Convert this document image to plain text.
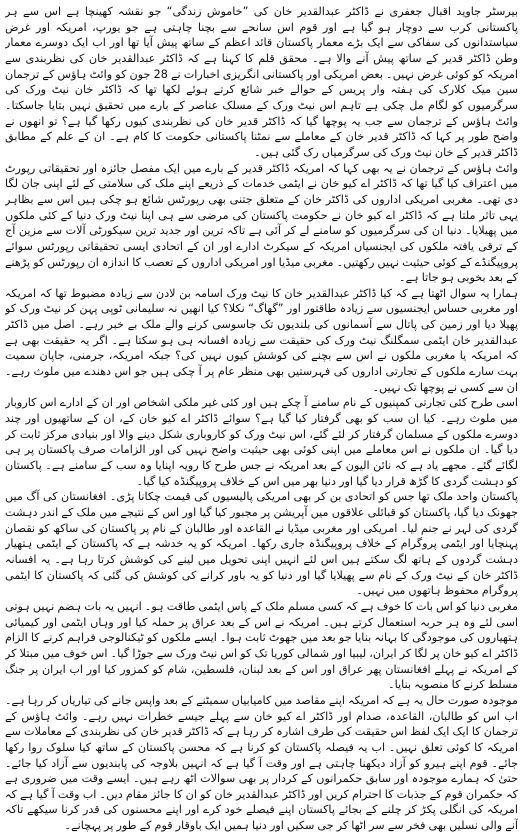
بیرسٹر جاوید اقبال جعفری نے ڈاکٹر عبدالقدیر خان کی ”خاموش زندگی“ جو نقشہ کھینچا ہے اس سے ہر پاکستانی کرب سے دوچار ہو گیا ہے اور قوم اس سانحے سے بچنا چاہتی ہے جو یورپ، امریکہ اور غرض سیاستدانوں کی سفاکی سے ایک بڑے معمار پاکستان قائد اعظم کے ساتھ پیش آیا تھا اور اب ایک دوسرے معمار وطن ڈاکٹر قدیر کے ساتھ پیش آنے والا ہے۔ محقق قلم کا کہنا ہے کہ ڈاکٹر عبدالقدیر خان کی نظربندی سے امریکہ کو کوئی غرض نہیں۔ بعض امریکی اور پاکستانی انگریزی اخبارات نے 28 جون کو وائٹ ہاؤس کے ترجمان سین میک کلارک کی ہفتہ وار پریس کے حوالے خبر شائع کرتے ہوئے لکھا تھا کہ ڈاکٹر خان نیٹ ورک کی سرگرمیوں کو لگام مل چکی ہے تاہم اس نیٹ ورک کے مسلک عناصر کے بارے میں تحقیق نہیں بتایا جاسکتا۔ وائٹ ہاؤس کے ترجمان سے جب یہ پوچھا گیا کہ ڈاکٹر قدیر خان کی نظربندی کیوں رکھا گیا ہے؟ تو انھوں نے واضح طور پر کہا کہ ڈاکٹر قدیر خان کے معاملے سے نمٹنا پاکستانی حکومت کا کام ہے۔ ان کے علم کے مطابق ڈاکٹر قدیر کے خان نیٹ ورک کی سرگرمیاں رک گئی ہیں۔

وائٹ ہاؤس کے ترجمان نے یہ بھی کہا کہ امریکہ ڈاکٹر قدیر کے بارے میں ایک مفصل جائزہ اور تحقیقاتی رپورٹ میں اعتراف کیا گیا تھا کہ ڈاکٹر اے کیو خان نے ایٹمی خدمات کے ذریعے اپنے ملک کی سلامتی کے لئے اپنی جان لگا دی تھی۔ مغربی امریکی اداروں کی ڈاکٹر خان کے متعلق جتنی بھی رپورٹس شائع ہو چکی ہیں اس سے بظاہر یہی تاثر ملتا ہے کہ ڈاکٹر اے کیو خان نے حکومت پاکستان کی مرضی سے ہی اپنا نیٹ ورک دنیا کے کئی ملکوں میں پھیلایا۔ دنیا ان کی سرگرمیوں کو سامنے لے کر آئی ہے تاکہ ترین اور جدید ترین سیکورٹی آلات سے مزین آج کے ترقی یافتہ ملکوں کی ایجنسیاں امریکہ کے سیکرٹ ادارے اور ان کے اتحادی ایسی تحقیقاتی رپورٹس سوائے پروپیگنڈے کے کوئی حیثیت نہیں رکھتیں۔ مغربی میڈیا اور امریکی اداروں کے تعصب کا اندازہ ان رپورٹس کو پڑھنے کے بعد بخوبی ہو جاتا ہے۔

ہمارا یہ سوال اٹھتا ہے کہ کیا ڈاکٹر عبدالقدیر خان کا نیٹ ورک اسامہ بن لادن سے زیادہ مضبوط تھا کہ امریکہ اور مغربی حساس ایجنسیوں سے زیادہ طاقتور اور ”گھاگ“ نکلا؟ کیا انھیں نہ سلیمانی ٹوپی پہن کر نیٹ ورک کو پھیلا دیا اور زمین کی پاتال سے آسمانوں کی بلندیوں تک جاسوسی کرنے والے ملک بے خبر رہے۔ اصل میں ڈاکٹر عبدالقدیر خان ایٹمی سمگلنگ نیٹ ورک کی حقیقت سے زیادہ افسانہ ہی ہو سکتا ہے۔ اگر یہ حقیقت بھی ہے کہ امریکہ یا مغربی ملکوں نے اس سے بچنے کی کوشش کیوں نہیں کی؟ جبکہ امریکہ، جرمنی، جاپان سمیت بہت سارے ملکوں کے تجارتی اداروں کی فہرستیں بھی منظر عام پر آ چکی ہیں جو اس دھندے میں ملوث رہے۔ ان سے کسی نے پوچھا تک نہیں۔

اسی طرح کئی تجارتی کمپنیوں کے نام سامنے آ چکے ہیں اور کئی غیر ملکی اشخاص اور ان کے ادارے اس کاروبار میں ملوث رہے۔ کیا ان سب کو بھی گرفتار کیا گیا ہے؟ سوائے ڈاکٹر اے کیو خان کے، ان کے ساتھیوں اور چند دوسرے ملکوں کے مسلمان گرفتار کر لئے گئے، اس نیٹ ورک کو کاروباری شکل دینے والا اور بنیادی مرکز ثابت کر دیا گیا۔ ان ملکوں نے اس معاملے میں اپنی کوئی بھی حیثیت واضح نہیں کی اور الزامات صرف پاکستان پر ہی لگائے گئے۔ مجھے یاد ہے کہ نائن الیون کے بعد امریکہ نے جس طرح کا رویہ اپنایا وہ سب کے سامنے ہے۔ پاکستان کو دہشت گردی کا گڑھ قرار دیا گیا اور دنیا بھر میں اس کے خلاف پروپیگنڈہ کیا گیا۔

پاکستان واحد ملک تھا جس کو اتحادی بن کر بھی امریکی پالیسیوں کی قیمت چکانا پڑی۔ افغانستان کی آگ میں جھونک دیا گیا، پاکستان کو قبائلی علاقوں میں آپریشن پر مجبور کیا گیا اور اس کے نتیجے میں ملک کے اندر دہشت گردی کی لہر نے جنم لیا۔ امریکی اور مغربی میڈیا نے القاعدہ اور طالبان کے نام پر پاکستان کی ساکھ کو نقصان پہنچایا اور ایٹمی پروگرام کے خلاف پروپیگنڈہ جاری رکھا۔ امریکہ کو یہ خدشہ ہے کہ پاکستان کے ایٹمی ہتھیار دہشت گردوں کے ہاتھ لگ سکتے ہیں اس لئے انہیں اپنی تحویل میں لینے کی کوشش کرتا رہا ہے۔ یہ افسانہ ڈاکٹر خان کے نیٹ ورک کے نام سے پھیلایا گیا اور دنیا کو یہ باور کرانے کی کوشش کی گئی کہ پاکستان کا ایٹمی پروگرام محفوظ ہاتھوں میں نہیں۔

مغربی دنیا کو اس بات کا خوف ہے کہ کسی مسلم ملک کے پاس ایٹمی طاقت ہو۔ انہیں یہ بات ہضم نہیں ہوتی اسی لئے وہ ہر حربہ استعمال کرتے ہیں۔ امریکہ نے اس کے بعد عراق پر حملہ کیا اور وہاں ایٹمی اور کیمیائی ہتھیاروں کی موجودگی کا بہانہ بنایا جو بعد میں جھوٹ ثابت ہوا۔ ایسے ملکوں کو ٹیکنالوجی فراہم کرنے کا الزام ڈاکٹر اے کیو خان پر لگا کر ایران، لیبیا اور شمالی کوریا تک کو اس نیٹ ورک سے جوڑا گیا۔ اس خوف میں مبتلا کر کے امریکہ نے پہلے افغانستان پھر عراق اور اس کے بعد لبنان، فلسطین، شام کو کمزور کیا اور اب ایران پر جنگ مسلط کرنے کا منصوبہ بنایا۔

موجودہ صورت حال یہ ہے کہ امریکہ اپنے مقاصد میں کامیابیاں سمیٹنے کے بعد واپس جانے کی تیاریاں کر رہا ہے۔ اب اس کو طالبان، القاعدہ، صدام اور ڈاکٹر اے کیو خان سے پہلے جیسے خطرات نہیں رہے۔ وائٹ ہاؤس کے ترجمان کا ایک ایک لفظ اس حقیقت کی طرف اشارہ کر رہا ہے کہ ڈاکٹر قدیر خان کی نظربندی کے معاملات سے امریکہ کا کوئی تعلق نہیں۔ اب یہ فیصلہ پاکستان کو کرنا ہے کہ محسن پاکستان کے ساتھ کیا سلوک روا رکھا جائے۔ قوم اپنے ہیرو کو آزاد دیکھنا چاہتی ہے اور وقت آ گیا ہے کہ انہیں بلاوجہ کی پابندیوں سے آزاد کیا جائے۔ حتیٰ کہ ہمارے موجودہ اور سابق حکمرانوں کے کردار پر بھی سوالات اٹھ رہے ہیں۔ ایسے وقت میں ضروری ہے کہ حکمران قوم کے جذبات کا احترام کریں اور ڈاکٹر عبدالقدیر خان کو ان کا جائز مقام دیں۔ اب وقت آ گیا ہے کہ امریکہ کی انگلی پکڑ کر چلنے کے بجائے پاکستان اپنے فیصلے خود کرے اور اپنے محسنوں کی قدر کرنا سیکھے تاکہ آنے والی نسلیں بھی فخر سے سر اٹھا کر جی سکیں اور دنیا ہمیں ایک باوقار قوم کے طور پر پہچانے۔
